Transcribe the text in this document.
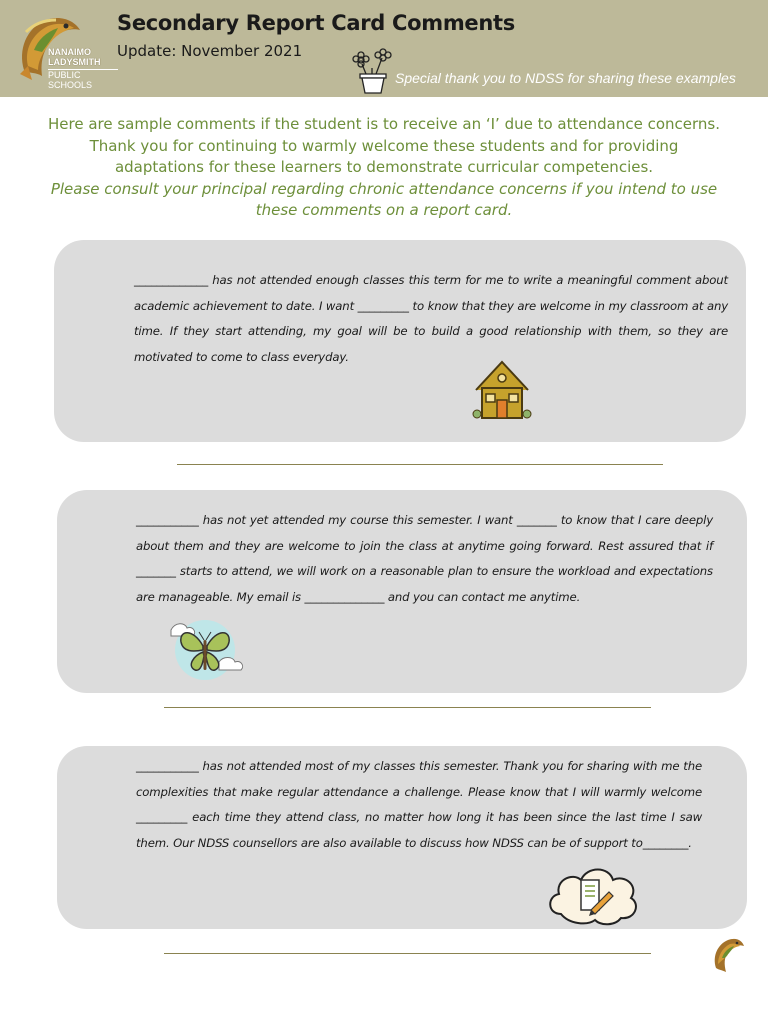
NANAIMO
LADYSMITH
PUBLIC
SCHOOLS
Secondary Report Card Comments
Update: November 2021
Special thank you to NDSS for sharing these examples
Here are sample comments if the student is to receive an ‘I’ due to attendance concerns.
Thank you for continuing to warmly welcome these students and for providing
adaptations for these learners to demonstrate curricular competencies.
Please consult your principal regarding chronic attendance concerns if you intend to use
these comments on a report card.
_____________ has not attended enough classes this term for me to write a meaningful comment about academic achievement to date. I want _________ to know that they are welcome in my classroom at any time. If they start attending, my goal will be to build a good relationship with them, so they are motivated to come to class everyday.
___________ has not yet attended my course this semester. I want _______ to know that I care deeply about them and they are welcome to join the class at anytime going forward. Rest assured that if _______ starts to attend, we will work on a reasonable plan to ensure the workload and expectations are manageable. My email is ______________ and you can contact me anytime.
___________ has not attended most of my classes this semester. Thank you for sharing with me the complexities that make regular attendance a challenge. Please know that I will warmly welcome _________ each time they attend class, no matter how long it has been since the last time I saw them. Our NDSS counsellors are also available to discuss how NDSS can be of support to________.
